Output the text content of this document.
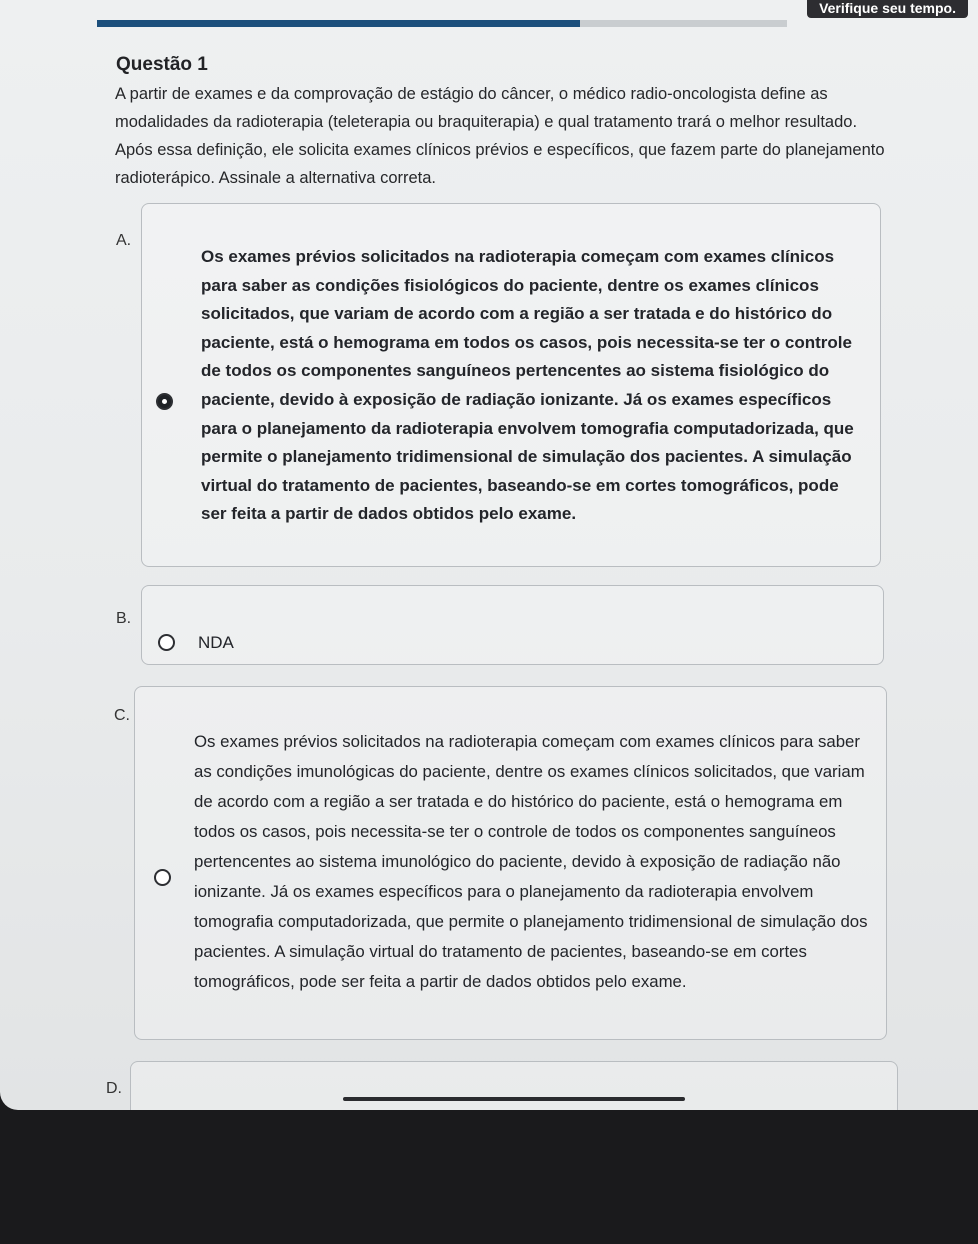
Verifique seu tempo.
Questão 1
A partir de exames e da comprovação de estágio do câncer, o médico radio-oncologista define as modalidades da radioterapia (teleterapia ou braquiterapia) e qual tratamento trará o melhor resultado. Após essa definição, ele solicita exames clínicos prévios e específicos, que fazem parte do planejamento radioterápico. Assinale a alternativa correta.
A.
Os exames prévios solicitados na radioterapia começam com exames clínicos para saber as condições fisiológicos do paciente, dentre os exames clínicos solicitados, que variam de acordo com a região a ser tratada e do histórico do paciente, está o hemograma em todos os casos, pois necessita-se ter o controle de todos os componentes sanguíneos pertencentes ao sistema fisiológico do paciente, devido à exposição de radiação ionizante. Já os exames específicos para o planejamento da radioterapia envolvem tomografia computadorizada, que permite o planejamento tridimensional de simulação dos pacientes. A simulação virtual do tratamento de pacientes, baseando-se em cortes tomográficos, pode ser feita a partir de dados obtidos pelo exame.
B.
NDA
C.
Os exames prévios solicitados na radioterapia começam com exames clínicos para saber as condições imunológicas do paciente, dentre os exames clínicos solicitados, que variam de acordo com a região a ser tratada e do histórico do paciente, está o hemograma em todos os casos, pois necessita-se ter o controle de todos os componentes sanguíneos pertencentes ao sistema imunológico do paciente, devido à exposição de radiação não ionizante. Já os exames específicos para o planejamento da radioterapia envolvem tomografia computadorizada, que permite o planejamento tridimensional de simulação dos pacientes. A simulação virtual do tratamento de pacientes, baseando-se em cortes tomográficos, pode ser feita a partir de dados obtidos pelo exame.
D.
